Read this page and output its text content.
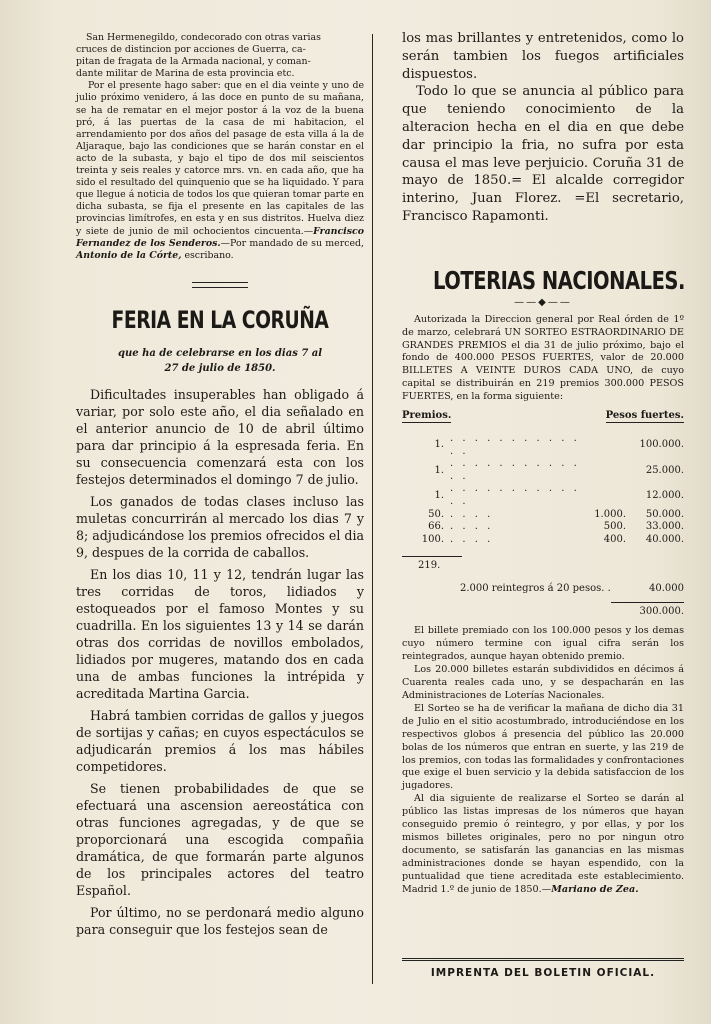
San Hermenegildo, condecorado con otras varias

cruces de distincion por acciones de Guerra, ca-

pitan de fragata de la Armada nacional, y coman-

dante militar de Marina de esta provincia etc.

Por el presente hago saber: que en el dia veinte y uno de julio próximo venidero, á las doce en punto de su mañana, se ha de rematar en el mejor postor á la voz de la buena pró, á las puertas de la casa de mi habitacion, el arrendamiento por dos años del pasage de esta villa á la de Aljaraque, bajo las condiciones que se harán constar en el acto de la subasta, y bajo el tipo de dos mil seiscientos treinta y seis reales y catorce mrs. vn. en cada año, que ha sido el resultado del quinquenio que se ha liquidado. Y para que llegue á noticia de todos los que quieran tomar parte en dicha subasta, se fija el presente en las capitales de las provincias limítrofes, en esta y en sus distritos. Huelva diez y siete de junio de mil ochocientos cincuenta.—Francisco Fernandez de los Senderos.—Por mandado de su merced, Antonio de la Córte, escribano.

FERIA EN LA CORUÑA

que ha de celebrarse en los dias 7 al 27 de julio de 1850.

Dificultades insuperables han obligado á variar, por solo este año, el dia señalado en el anterior anuncio de 10 de abril último para dar principio á la espresada feria. En su consecuencia comenzará esta con los festejos determinados el domingo 7 de julio.

Los ganados de todas clases incluso las muletas concurrirán al mercado los dias 7 y 8; adjudicándose los premios ofrecidos el dia 9, despues de la corrida de caballos.

En los dias 10, 11 y 12, tendrán lugar las tres corridas de toros, lidiados y estoqueados por el famoso Montes y su cuadrilla. En los siguientes 13 y 14 se darán otras dos corridas de novillos embolados, lidiados por mugeres, matando dos en cada una de ambas funciones la intrépida y acreditada Martina Garcia.

Habrá tambien corridas de gallos y juegos de sortijas y cañas; en cuyos espectáculos se adjudicarán premios á los mas hábiles competidores.

Se tienen probabilidades de que se efectuará una ascension aereostática con otras funciones agregadas, y de que se proporcionará una escogida compañia dramática, de que formarán parte algunos de los principales actores del teatro Español.

Por último, no se perdonará medio alguno para conseguir que los festejos sean de

los mas brillantes y entretenidos, como lo serán tambien los fuegos artificiales dispuestos.

Todo lo que se anuncia al público para que teniendo conocimiento de la alteracion hecha en el dia en que debe dar principio la fria, no sufra por esta causa el mas leve perjuicio. Coruña 31 de mayo de 1850.= El alcalde corregidor interino, Juan Florez. =El secretario, Francisco Rapamonti.

LOTERIAS NACIONALES.
——◆——

Autorizada la Direccion general por Real órden de 1º de marzo, celebrará UN SORTEO ESTRAORDINARIO DE GRANDES PREMIOS el dia 31 de julio próximo, bajo el fondo de 400.000 PESOS FUERTES, valor de 20.000 BILLETES A VEINTE DUROS CADA UNO, de cuyo capital se distribuirán en 219 premios 300.000 PESOS FUERTES, en la forma siguiente:

Premios.	Pesos fuertes.
1.	. . . . . . . . . . . . .		100.000.
1.	. . . . . . . . . . . . .		25.000.
1.	. . . . . . . . . . . . .		12.000.
50.	. . . .	1.000.	50.000.
66.	. . . .	500.	33.000.
100.	. . . .	400.	40.000.
219.
2.000 reintegros á 20 pesos. .	40.000
300.000.

El billete premiado con los 100.000 pesos y los demas cuyo número termine con igual cifra serán los reintegrados, aunque hayan obtenido premio.

Los 20.000 billetes estarán subdivididos en décimos á Cuarenta reales cada uno, y se despacharán en las Administraciones de Loterías Nacionales.

El Sorteo se ha de verificar la mañana de dicho dia 31 de Julio en el sitio acostumbrado, introduciéndose en los respectivos globos á presencia del público las 20.000 bolas de los números que entran en suerte, y las 219 de los premios, con todas las formalidades y confrontaciones que exige el buen servicio y la debida satisfaccion de los jugadores.

Al dia siguiente de realizarse el Sorteo se darán al público las listas impresas de los números que hayan conseguido premio ó reintegro, y por ellas, y por los mismos billetes originales, pero no por ningun otro documento, se satisfarán las ganancias en las mismas administraciones donde se hayan espendido, con la puntualidad que tiene acreditada este establecimiento. Madrid 1.º de junio de 1850.—Mariano de Zea.

IMPRENTA DEL BOLETIN OFICIAL.
